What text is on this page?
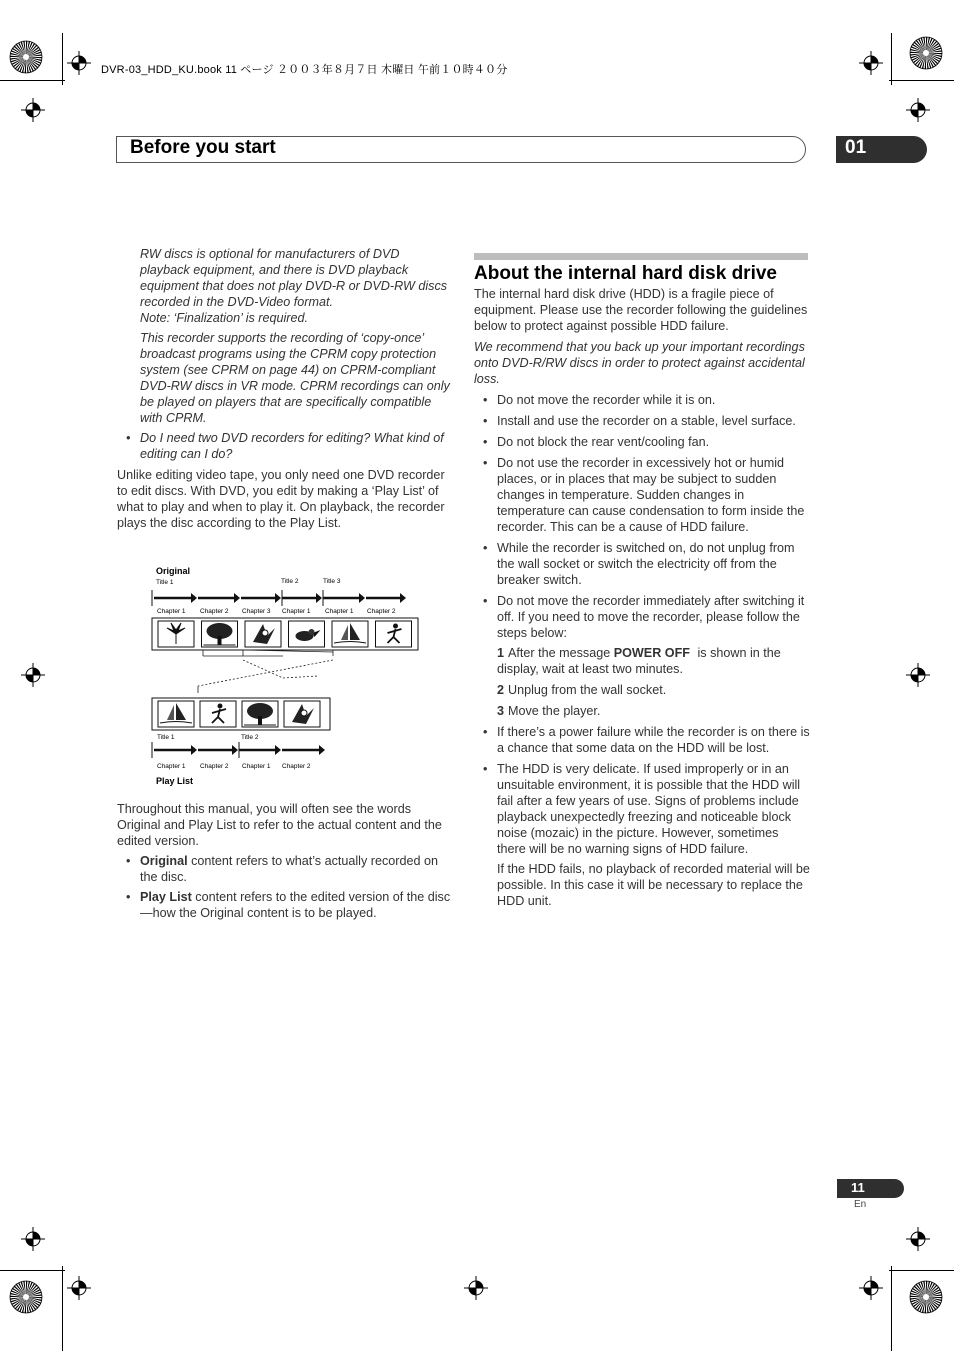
DVR-03_HDD_KU.book 11 ページ ２００３年８月７日 木曜日 午前１０時４０分
Before you start	01

RW discs is optional for manufacturers of DVD playback equipment, and there is DVD playback equipment that does not play DVD-R or DVD-RW discs recorded in the DVD-Video format.

Note: ‘Finalization’ is required.

This recorder supports the recording of ‘copy-once’ broadcast programs using the CPRM copy protection system (see CPRM on page 44) on CPRM-compliant DVD-RW discs in VR mode. CPRM recordings can only be played on players that are specifically compatible with CPRM.

• Do I need two DVD recorders for editing? What kind of editing can I do?

Unlike editing video tape, you only need one DVD recorder to edit discs. With DVD, you edit by making a ‘Play List’ of what to play and when to play it. On playback, the recorder plays the disc according to the Play List.

Original
Title 1	Title 2	Title 3
Chapter 1 Chapter 2 Chapter 3 Chapter 1 Chapter 1 Chapter 2
Title 1	Title 2
Chapter 1 Chapter 2 Chapter 1 Chapter 2
Play List

Throughout this manual, you will often see the words Original and Play List to refer to the actual content and the edited version.

• Original content refers to what’s actually recorded on the disc.

• Play List content refers to the edited version of the disc—how the Original content is to be played.

About the internal hard disk drive

The internal hard disk drive (HDD) is a fragile piece of equipment. Please use the recorder following the guidelines below to protect against possible HDD failure.

We recommend that you back up your important recordings onto DVD-R/RW discs in order to protect against accidental loss.

• Do not move the recorder while it is on.

• Install and use the recorder on a stable, level surface.

• Do not block the rear vent/cooling fan.

• Do not use the recorder in excessively hot or humid places, or in places that may be subject to sudden changes in temperature. Sudden changes in temperature can cause condensation to form inside the recorder. This can be a cause of HDD failure.

• While the recorder is switched on, do not unplug from the wall socket or switch the electricity off from the breaker switch.

• Do not move the recorder immediately after switching it off. If you need to move the recorder, please follow the steps below:

1 After the message POWER OFF is shown in the display, wait at least two minutes.

2 Unplug from the wall socket.

3 Move the player.

• If there’s a power failure while the recorder is on there is a chance that some data on the HDD will be lost.

• The HDD is very delicate. If used improperly or in an unsuitable environment, it is possible that the HDD will fail after a few years of use. Signs of problems include playback unexpectedly freezing and noticeable block noise (mozaic) in the picture. However, sometimes there will be no warning signs of HDD failure.

If the HDD fails, no playback of recorded material will be possible. In this case it will be necessary to replace the HDD unit.

11
En
